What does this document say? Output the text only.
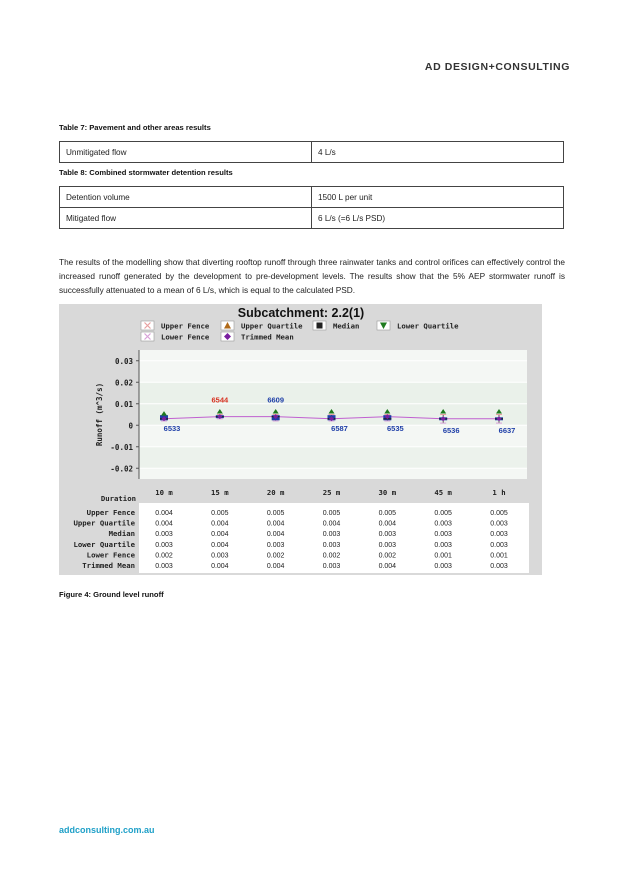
AD DESIGN+CONSULTING
Table 7: Pavement and other areas results
Unmitigated flow	4 L/s
Table 8: Combined stormwater detention results
Detention volume	1500 L per unit
Mitigated flow	6 L/s (=6 L/s PSD)
The results of the modelling show that diverting rooftop runoff through three rainwater tanks and control orifices can effectively control the increased runoff generated by the development to pre-development levels. The results show that the 5% AEP stormwater runoff is successfully attenuated to a mean of 6 L/s, which is equal to the calculated PSD.
0.03
0.02
0.01
0
-0.01
-0.02
Subcatchment: 2.2(1)
Runoff (m^3/s)
Upper Fence	Upper Quartile	Median	Lower Quartile
Lower Fence	Trimmed Mean
6533
6544	6609
6587	6535	6536	6637
Duration
10 m	15 m	20 m	25 m	30 m	45 m	1 h
Upper Fence	0.004	0.005	0.005	0.005	0.005	0.005	0.005
Upper Quartile	0.004	0.004	0.004	0.004	0.004	0.003	0.003
Median	0.003	0.004	0.004	0.003	0.003	0.003	0.003
Lower Quartile	0.003	0.004	0.003	0.003	0.003	0.003	0.003
Lower Fence	0.002	0.003	0.002	0.002	0.002	0.001	0.001
Trimmed Mean	0.003	0.004	0.004	0.003	0.004	0.003	0.003
Figure 4: Ground level runoff
addconsulting.com.au
